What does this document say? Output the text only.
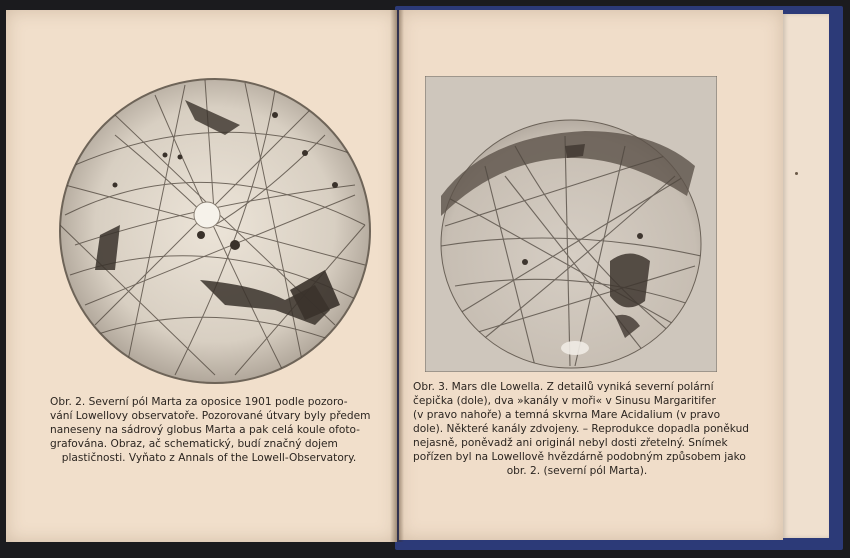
Obr. 2. Severní pól Marta za oposice 1901 podle pozoro-
vání Lowellovy observatoře. Pozorované útvary byly předem
naneseny na sádrový globus Marta a pak celá koule ofoto-
grafována. Obraz, ač schematický, budí značný dojem
plastičnosti. Vyňato z Annals of the Lowell-Observatory.
Obr. 3. Mars dle Lowella. Z detailů vyniká severní polární
čepička (dole), dva »kanály v moři« v Sinusu Margaritifer
(v pravo nahoře) a temná skvrna Mare Acidalium (v pravo
dole). Některé kanály zdvojeny. – Reprodukce dopadla poněkud
nejasně, poněvadž ani originál nebyl dosti zřetelný. Snímek
pořízen byl na Lowellově hvězdárně podobným způsobem jako
obr. 2. (severní pól Marta).
